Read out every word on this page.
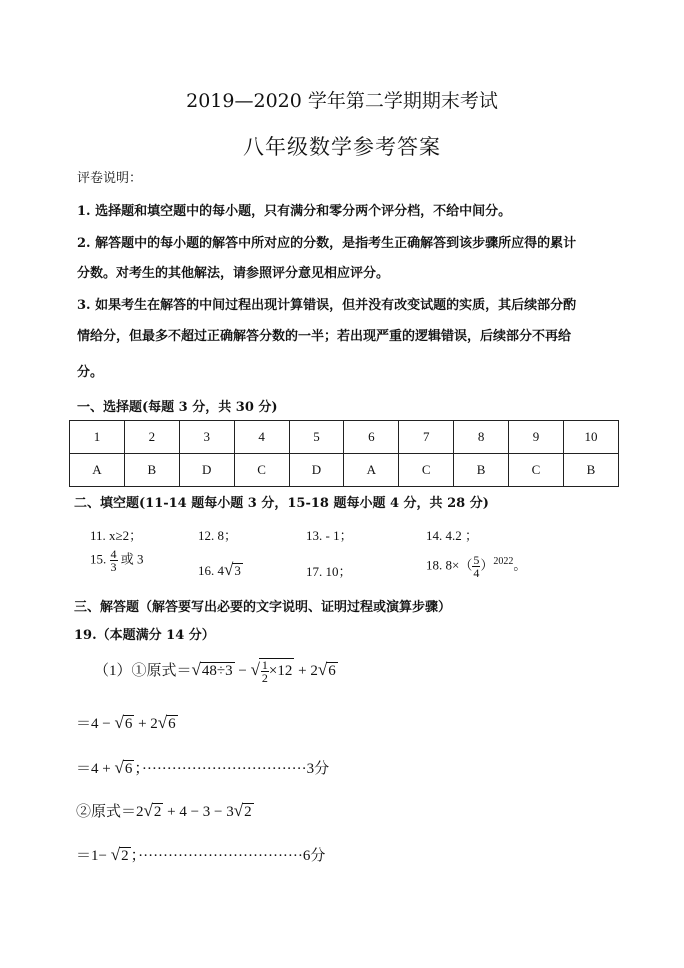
2019—2020 学年第二学期期末考试
八年级数学参考答案
评卷说明：
1. 选择题和填空题中的每小题，只有满分和零分两个评分档，不给中间分。
2. 解答题中的每小题的解答中所对应的分数，是指考生正确解答到该步骤所应得的累计
分数。对考生的其他解法，请参照评分意见相应评分。
3. 如果考生在解答的中间过程出现计算错误，但并没有改变试题的实质，其后续部分酌
情给分，但最多不超过正确解答分数的一半；若出现严重的逻辑错误，后续部分不再给
分。
一、选择题(每题 3 分，共 30 分)
1	2	3	4	5	6	7	8	9	10
A	B	D	C	D	A	C	B	C	B
二、填空题(11-14 题每小题 3 分，15-18 题每小题 4 分，共 28 分)
11. x≥2；	12. 8；	13. - 1；	14. 4.2 ；
15. $\frac{4}{3}$ 或 3
16. 4√3	17. 10；	18. $8\times( \frac{5}{4} )^{2022}$。
三、解答题（解答要写出必要的文字说明、证明过程或演算步骤）
19.（本题满分 14 分）
（1）①原式＝√48÷3 − √ $\frac{1}{2} \times 12 + 2√6$
＝4 − √6 + 2√6
＝4 + √6 ；·································3分
②原式＝2√2 + 4 − 3 − 3√2
＝1− √2 ；·································6分
